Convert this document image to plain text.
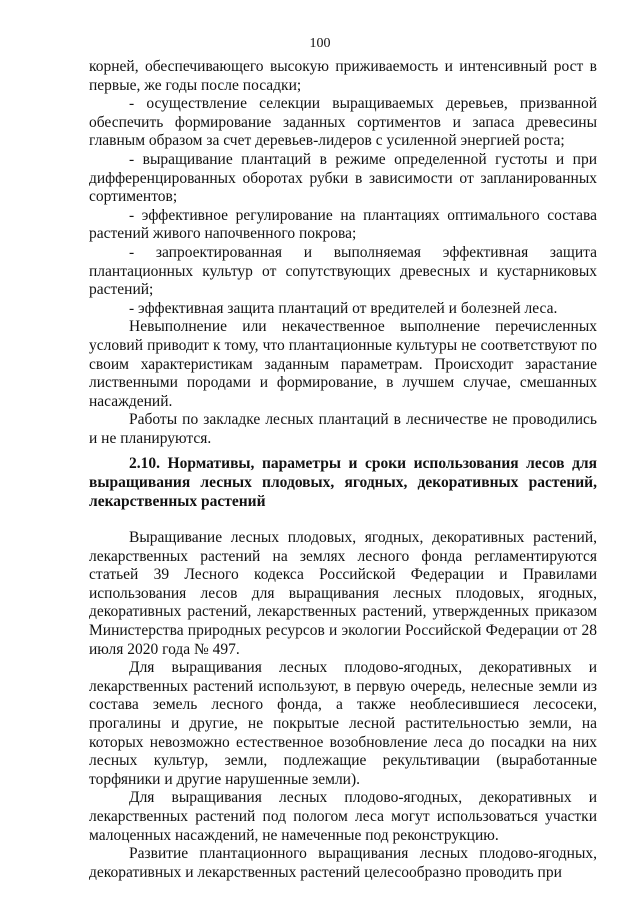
100

корней, обеспечивающего высокую приживаемость и интенсивный рост в первые, же годы после посадки;

- осуществление селекции выращиваемых деревьев, призванной обеспечить формирование заданных сортиментов и запаса древесины главным образом за счет деревьев-лидеров с усиленной энергией роста;

- выращивание плантаций в режиме определенной густоты и при дифференцированных оборотах рубки в зависимости от запланированных сортиментов;

- эффективное регулирование на плантациях оптимального состава растений живого напочвенного покрова;

- запроектированная и выполняемая эффективная защита плантационных культур от сопутствующих древесных и кустарниковых растений;

- эффективная защита плантаций от вредителей и болезней леса.

Невыполнение или некачественное выполнение перечисленных условий приводит к тому, что плантационные культуры не соответствуют по своим характеристикам заданным параметрам. Происходит зарастание лиственными породами и формирование, в лучшем случае, смешанных насаждений.

Работы по закладке лесных плантаций в лесничестве не проводились и не планируются.

2.10. Нормативы, параметры и сроки использования лесов для выращивания лесных плодовых, ягодных, декоративных растений, лекарственных растений

Выращивание лесных плодовых, ягодных, декоративных растений, лекарственных растений на землях лесного фонда регламентируются статьей 39 Лесного кодекса Российской Федерации и Правилами использования лесов для выращивания лесных плодовых, ягодных, декоративных растений, лекарственных растений, утвержденных приказом Министерства природных ресурсов и экологии Российской Федерации от 28 июля 2020 года № 497.

Для выращивания лесных плодово-ягодных, декоративных и лекарственных растений используют, в первую очередь, нелесные земли из состава земель лесного фонда, а также необлесившиеся лесосеки, прогалины и другие, не покрытые лесной растительностью земли, на которых невозможно естественное возобновление леса до посадки на них лесных культур, земли, подлежащие рекультивации (выработанные торфяники и другие нарушенные земли).

Для выращивания лесных плодово-ягодных, декоративных и лекарственных растений под пологом леса могут использоваться участки малоценных насаждений, не намеченные под реконструкцию.

Развитие плантационного выращивания лесных плодово-ягодных, декоративных и лекарственных растений целесообразно проводить при
